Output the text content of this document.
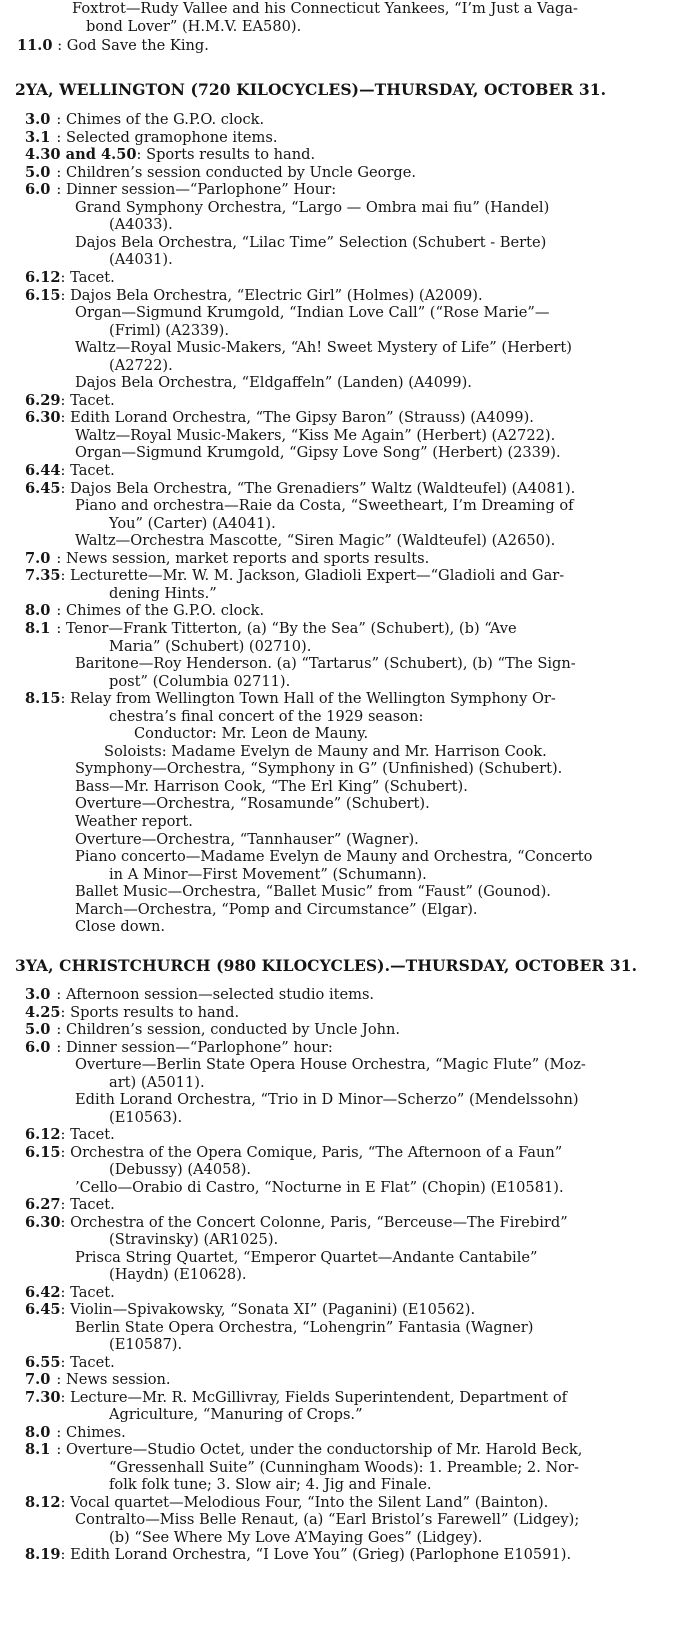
Foxtrot—Rudy Vallee and his Connecticut Yankees, “I’m Just a Vaga-
bond Lover” (H.M.V. EA580).
11.0 : God Save the King.
2YA, WELLINGTON (720 KILOCYCLES)—THURSDAY, OCTOBER 31.
3.0 : Chimes of the G.P.O. clock.
3.1 : Selected gramophone items.
4.30 and 4.50: Sports results to hand.
5.0 : Children’s session conducted by Uncle George.
6.0 : Dinner session—“Parlophone” Hour:
Grand Symphony Orchestra, “Largo — Ombra mai fiu” (Handel)
(A4033).
Dajos Bela Orchestra, “Lilac Time” Selection (Schubert - Berte)
(A4031).
6.12: Tacet.
6.15: Dajos Bela Orchestra, “Electric Girl” (Holmes) (A2009).
Organ—Sigmund Krumgold, “Indian Love Call” (“Rose Marie”—
(Friml) (A2339).
Waltz—Royal Music-Makers, “Ah! Sweet Mystery of Life” (Herbert)
(A2722).
Dajos Bela Orchestra, “Eldgaffeln” (Landen) (A4099).
6.29: Tacet.
6.30: Edith Lorand Orchestra, “The Gipsy Baron” (Strauss) (A4099).
Waltz—Royal Music-Makers, “Kiss Me Again” (Herbert) (A2722).
Organ—Sigmund Krumgold, “Gipsy Love Song” (Herbert) (2339).
6.44: Tacet.
6.45: Dajos Bela Orchestra, “The Grenadiers” Waltz (Waldteufel) (A4081).
Piano and orchestra—Raie da Costa, “Sweetheart, I’m Dreaming of
You” (Carter) (A4041).
Waltz—Orchestra Mascotte, “Siren Magic” (Waldteufel) (A2650).
7.0 : News session, market reports and sports results.
7.35: Lecturette—Mr. W. M. Jackson, Gladioli Expert—“Gladioli and Gar-
dening Hints.”
8.0 : Chimes of the G.P.O. clock.
8.1 : Tenor—Frank Titterton, (a) “By the Sea” (Schubert), (b) “Ave
Maria” (Schubert) (02710).
Baritone—Roy Henderson. (a) “Tartarus” (Schubert), (b) “The Sign-
post” (Columbia 02711).
8.15: Relay from Wellington Town Hall of the Wellington Symphony Or-
chestra’s final concert of the 1929 season:
Conductor: Mr. Leon de Mauny.
Soloists: Madame Evelyn de Mauny and Mr. Harrison Cook.
Symphony—Orchestra, “Symphony in G” (Unfinished) (Schubert).
Bass—Mr. Harrison Cook, “The Erl King” (Schubert).
Overture—Orchestra, “Rosamunde” (Schubert).
Weather report.
Overture—Orchestra, “Tannhauser” (Wagner).
Piano concerto—Madame Evelyn de Mauny and Orchestra, “Concerto
in A Minor—First Movement” (Schumann).
Ballet Music—Orchestra, “Ballet Music” from “Faust” (Gounod).
March—Orchestra, “Pomp and Circumstance” (Elgar).
Close down.
3YA, CHRISTCHURCH (980 KILOCYCLES).—THURSDAY, OCTOBER 31.
3.0 : Afternoon session—selected studio items.
4.25: Sports results to hand.
5.0 : Children’s session, conducted by Uncle John.
6.0 : Dinner session—“Parlophone” hour:
Overture—Berlin State Opera House Orchestra, “Magic Flute” (Moz-
art) (A5011).
Edith Lorand Orchestra, “Trio in D Minor—Scherzo” (Mendelssohn)
(E10563).
6.12: Tacet.
6.15: Orchestra of the Opera Comique, Paris, “The Afternoon of a Faun”
(Debussy) (A4058).
’Cello—Orabio di Castro, “Nocturne in E Flat” (Chopin) (E10581).
6.27: Tacet.
6.30: Orchestra of the Concert Colonne, Paris, “Berceuse—The Firebird”
(Stravinsky) (AR1025).
Prisca String Quartet, “Emperor Quartet—Andante Cantabile”
(Haydn) (E10628).
6.42: Tacet.
6.45: Violin—Spivakowsky, “Sonata XI” (Paganini) (E10562).
Berlin State Opera Orchestra, “Lohengrin” Fantasia (Wagner)
(E10587).
6.55: Tacet.
7.0 : News session.
7.30: Lecture—Mr. R. McGillivray, Fields Superintendent, Department of
Agriculture, “Manuring of Crops.”
8.0 : Chimes.
8.1 : Overture—Studio Octet, under the conductorship of Mr. Harold Beck,
“Gressenhall Suite” (Cunningham Woods): 1. Preamble; 2. Nor-
folk folk tune; 3. Slow air; 4. Jig and Finale.
8.12: Vocal quartet—Melodious Four, “Into the Silent Land” (Bainton).
Contralto—Miss Belle Renaut, (a) “Earl Bristol’s Farewell” (Lidgey);
(b) “See Where My Love A’Maying Goes” (Lidgey).
8.19: Edith Lorand Orchestra, “I Love You” (Grieg) (Parlophone E10591).
